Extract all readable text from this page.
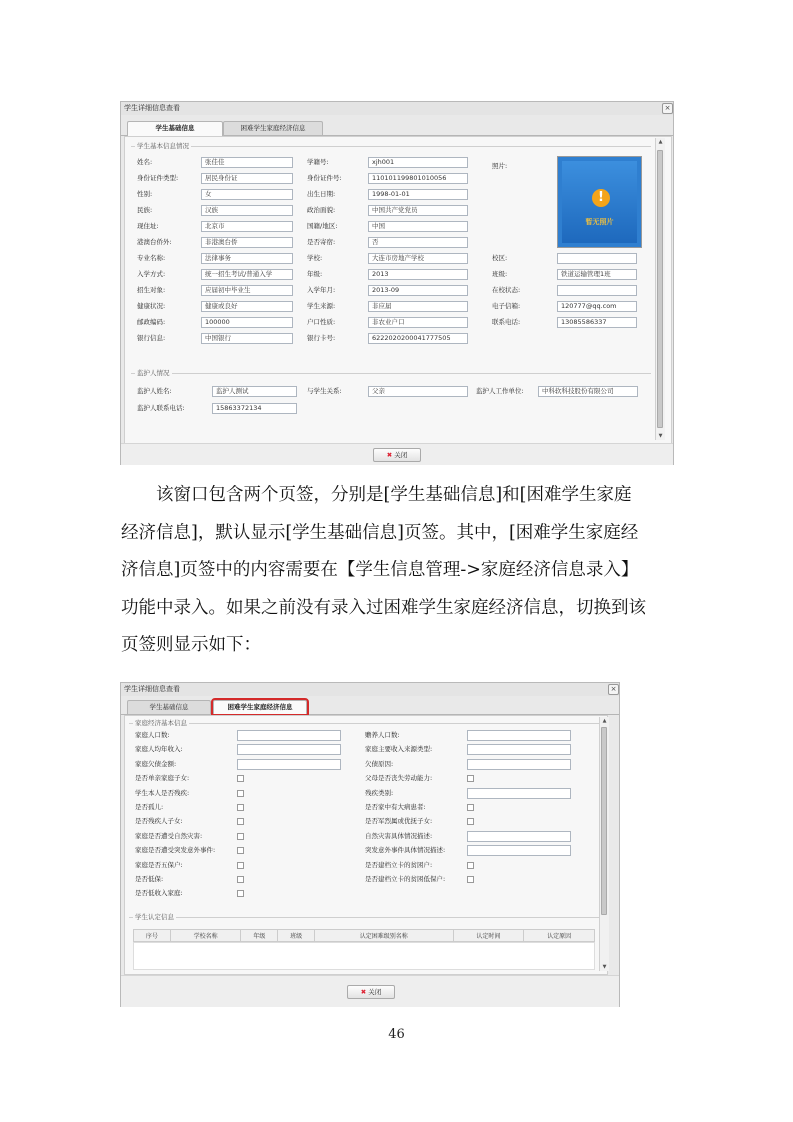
学生详细信息查看	×
学生基础信息	困难学生家庭经济信息
学生基本信息情况
姓名:	张佳佳
身份证件类型:	居民身份证
性别:	女
民族:	汉族
现住址:	北京市
港澳台侨外:	非港澳台侨
专业名称:	法律事务
入学方式:	统一招生考试/普通入学
招生对象:	应届初中毕业生
健康状况:	健康或良好
邮政编码:	100000
银行信息:	中国银行
学籍号:	xjh001
身份证件号:	110101199801010056
出生日期:	1998-01-01
政治面貌:	中国共产党党员
国籍/地区:	中国
是否寄宿:	否
学校:	大连市房地产学校
年级:	2013
入学年月:	2013-09
学生来源:	非应届
户口性质:	非农业户口
银行卡号:	6222020200041777505
照片:
!
暂无照片
校区:
班级:	铁道运输管理1班
在校状态:
电子信箱:	120777@qq.com
联系电话:	13085586337
监护人情况
监护人姓名:	监护人测试	与学生关系:	父亲	监护人工作单位:	中科软科技股份有限公司
监护人联系电话:	15863372134
▲
▼
✖ 关闭
该窗口包含两个页签，分别是[学生基础信息]和[困难学生家庭
经济信息]，默认显示[学生基础信息]页签。其中，[困难学生家庭经
济信息]页签中的内容需要在【学生信息管理->家庭经济信息录入】
功能中录入。如果之前没有录入过困难学生家庭经济信息，切换到该
页签则显示如下：
学生详细信息查看	×
学生基础信息	困难学生家庭经济信息
家庭经济基本信息
家庭人口数:
家庭人均年收入:
家庭欠债金额:
是否单亲家庭子女:
学生本人是否残疾:
是否孤儿:
是否残疾人子女:
家庭是否遭受自然灾害:
家庭是否遭受突发意外事件:
家庭是否五保户:
是否低保:
是否低收入家庭:
赡养人口数:
家庭主要收入来源类型:
欠债原因:
父母是否丧失劳动能力:
残疾类别:
是否家中有大病患者:
是否军烈属或优抚子女:
自然灾害具体情况描述:
突发意外事件具体情况描述:
是否建档立卡的贫困户:
是否建档立卡的贫困低保户:
学生认定信息
序号	学校名称	年级	班级	认定困难级别名称	认定时间	认定原因
▲
▼
✖ 关闭
46
